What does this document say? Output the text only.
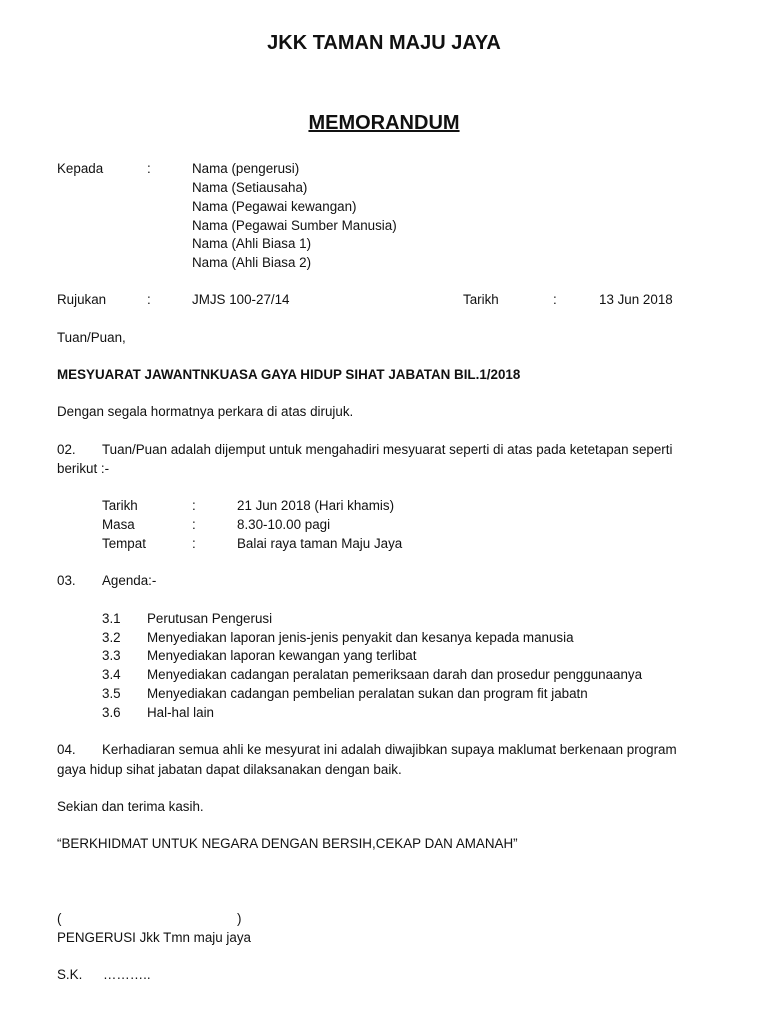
JKK TAMAN MAJU JAYA
MEMORANDUM
Kepada	:	Nama (pengerusi)
Nama (Setiausaha)
Nama (Pegawai kewangan)
Nama (Pegawai Sumber Manusia)
Nama (Ahli Biasa 1)
Nama (Ahli Biasa 2)
Rujukan	:	JMJS 100-27/14	Tarikh	:	13 Jun 2018
Tuan/Puan,
MESYUARAT JAWANTNKUASA GAYA HIDUP SIHAT JABATAN BIL.1/2018
Dengan segala hormatnya perkara di atas dirujuk.
02. Tuan/Puan adalah dijemput untuk mengahadiri mesyuarat seperti di atas pada ketetapan seperti
berikut :-
Tarikh	:	21 Jun 2018 (Hari khamis)
Masa	:	8.30-10.00 pagi
Tempat	:	Balai raya taman Maju Jaya
03. Agenda:-
3.1 Perutusan Pengerusi
3.2 Menyediakan laporan jenis-jenis penyakit dan kesanya kepada manusia
3.3 Menyediakan laporan kewangan yang terlibat
3.4 Menyediakan cadangan peralatan pemeriksaan darah dan prosedur penggunaanya
3.5 Menyediakan cadangan pembelian peralatan sukan dan program fit jabatn
3.6 Hal-hal lain
04. Kerhadiaran semua ahli ke mesyurat ini adalah diwajibkan supaya maklumat berkenaan program
gaya hidup sihat jabatan dapat dilaksanakan dengan baik.
Sekian dan terima kasih.
“BERKHIDMAT UNTUK NEGARA DENGAN BERSIH,CEKAP DAN AMANAH”
(	)
PENGERUSI Jkk Tmn maju jaya
S.K. ………..
